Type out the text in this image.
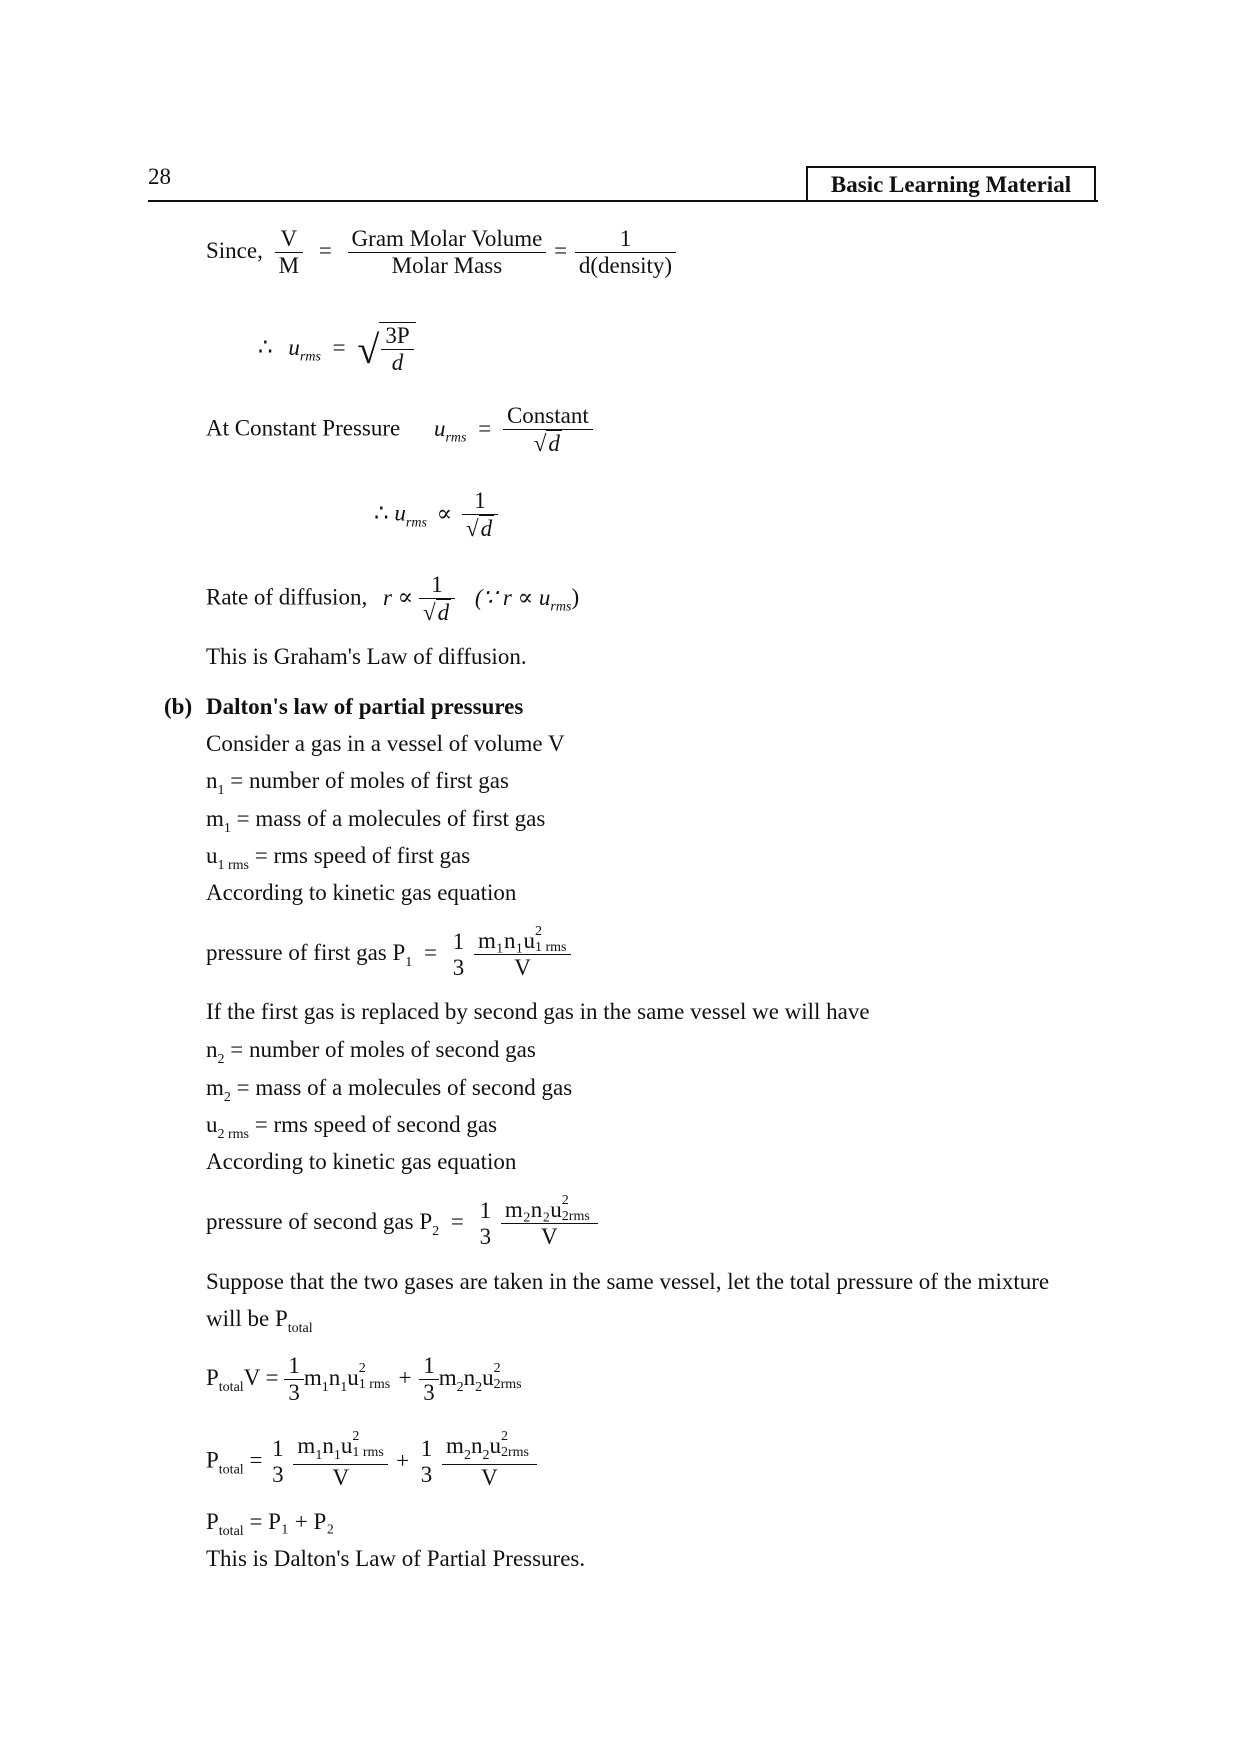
28	Basic Learning Material
Since, $\frac{V}{M} = \frac{\text{Gram Molar Volume}}{\text{Molar Mass}} = \frac{1}{\text{d(density)}}$
∴ $u_{rms}$ = √ $\frac{3P}{d}$
At Constant Pressure $u_{rms} = \frac{\text{Constant}}{√d}$
∴ $u_{rms} \propto \frac{1}{√d}$
Rate of diffusion, $r \propto \frac{1}{√d}$ (∵ $r \propto u_{rms}$)
This is Graham's Law of diffusion.
(b) Dalton's law of partial pressures
Consider a gas in a vessel of volume V
$n_1$ = number of moles of first gas
$m_1$ = mass of a molecules of first gas
$u_{1 rms}$ = rms speed of first gas
According to kinetic gas equation
pressure of first gas $P_1 = 1$
3
m₁n₁u 2
1 rms
V
If the first gas is replaced by second gas in the same vessel we will have
$n_2$ = number of moles of second gas
$m_2$ = mass of a molecules of second gas
$u_{2 rms}$ = rms speed of second gas
According to kinetic gas equation
pressure of second gas $P_2 = 1$
3
m₂n₂u 2
2rms
V
Suppose that the two gases are taken in the same vessel, let the total pressure of the mixture
will be $P_{total}$
$P_{total}V = \frac{1}{3} m_1n_1u$ 2
1 rms + $\frac{1}{3} m_2n_2u$ 2
2rms
$P_{total} = 1$
3
$m_1n_1u$ 2
1 rms
V + 1
3
$m_2n_2u$ 2
2rms
V
$P_{total} = P_1 + P_2$
This is Dalton's Law of Partial Pressures.
